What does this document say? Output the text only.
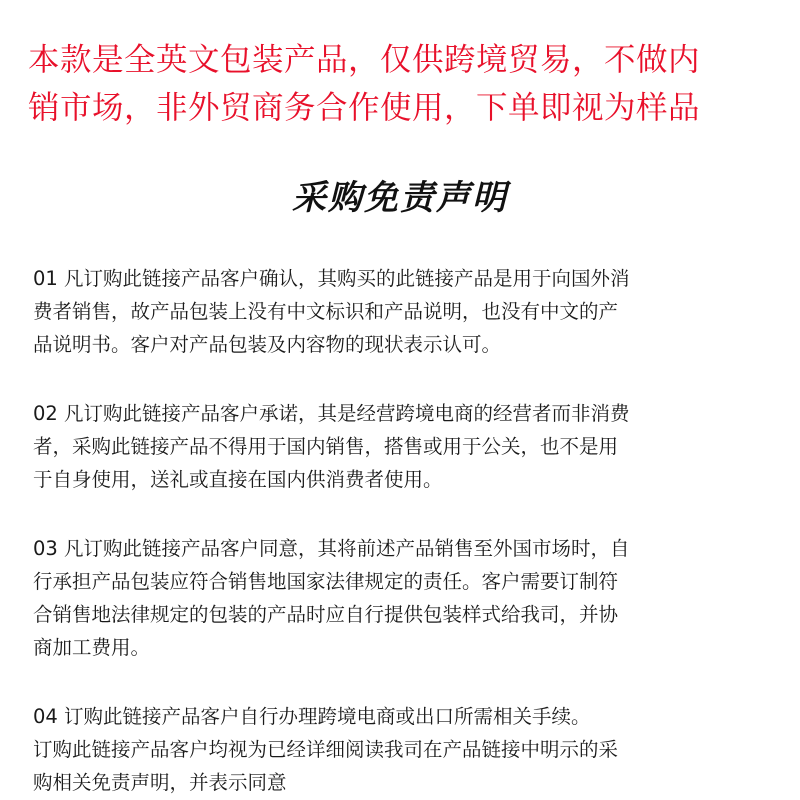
本款是全英文包装产品，仅供跨境贸易，不做内
销市场，非外贸商务合作使用，下单即视为样品
采购免责声明
01 凡订购此链接产品客户确认，其购买的此链接产品是用于向国外消
费者销售，故产品包装上没有中文标识和产品说明，也没有中文的产
品说明书。客户对产品包装及内容物的现状表示认可。
02 凡订购此链接产品客户承诺，其是经营跨境电商的经营者而非消费
者，采购此链接产品不得用于国内销售，搭售或用于公关，也不是用
于自身使用，送礼或直接在国内供消费者使用。
03 凡订购此链接产品客户同意，其将前述产品销售至外国市场时，自
行承担产品包装应符合销售地国家法律规定的责任。客户需要订制符
合销售地法律规定的包装的产品时应自行提供包装样式给我司，并协
商加工费用。
04 订购此链接产品客户自行办理跨境电商或出口所需相关手续。
订购此链接产品客户均视为已经详细阅读我司在产品链接中明示的采
购相关免责声明，并表示同意
